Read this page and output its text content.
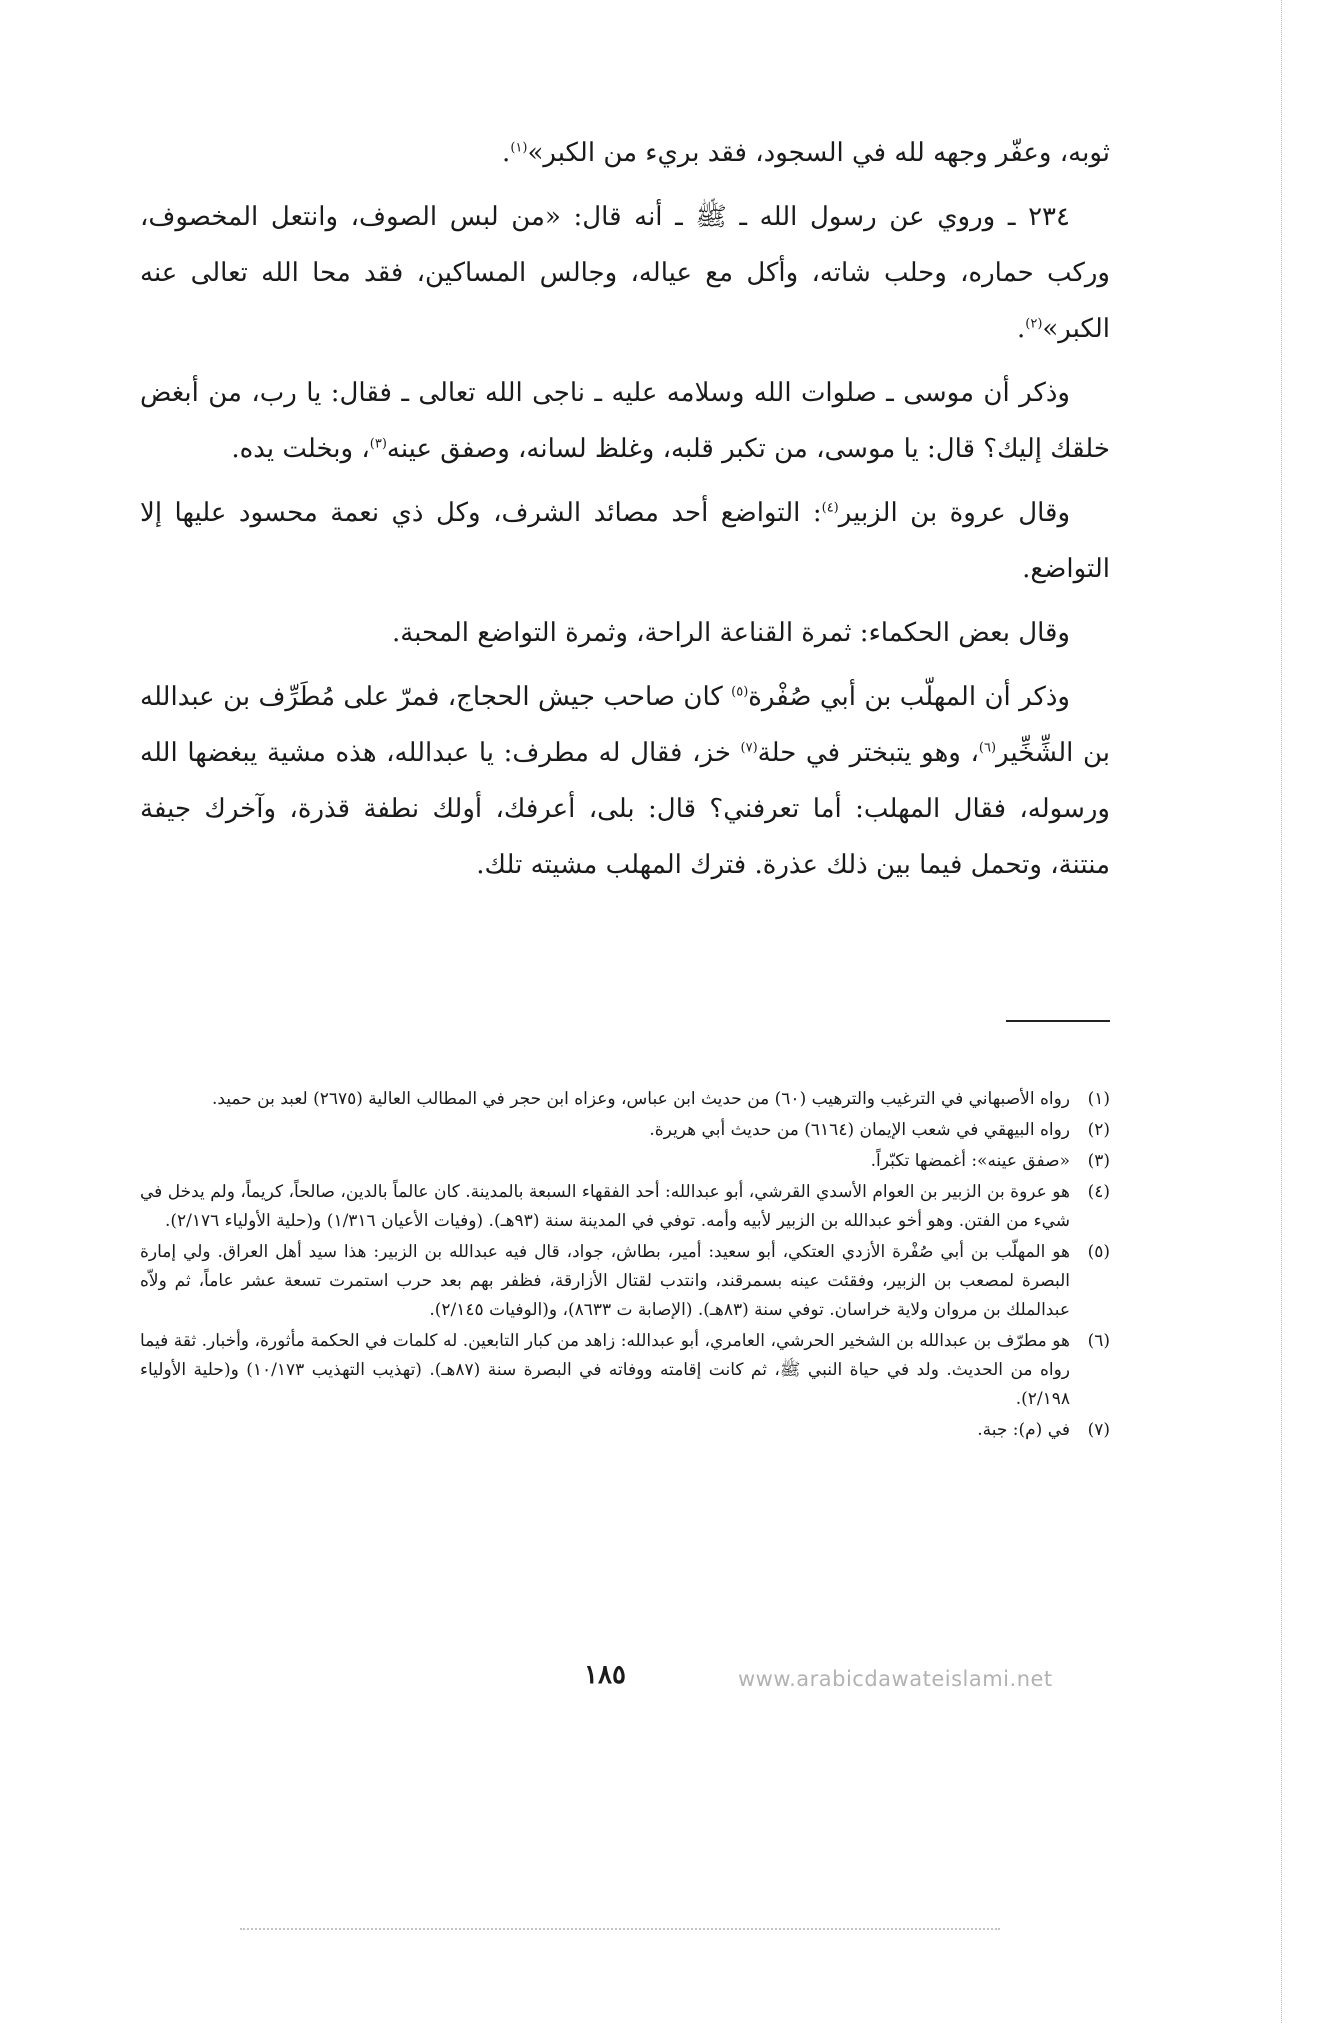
ثوبه، وعفّر وجهه لله في السجود، فقد بريء من الكبر»$^{(١)}$.

٢٣٤ ـ وروي عن رسول الله ـ ﷺ ـ أنه قال: «من لبس الصوف، وانتعل المخصوف، وركب حماره، وحلب شاته، وأكل مع عياله، وجالس المساكين، فقد محا الله تعالى عنه الكبر»$^{(٢)}$.

وذكر أن موسى ـ صلوات الله وسلامه عليه ـ ناجى الله تعالى ـ فقال: يا رب، من أبغض خلقك إليك؟ قال: يا موسى، من تكبر قلبه، وغلظ لسانه، وصفق عينه$^{(٣)}$، وبخلت يده.

وقال عروة بن الزبير$^{(٤)}$: التواضع أحد مصائد الشرف، وكل ذي نعمة محسود عليها إلا التواضع.

وقال بعض الحكماء: ثمرة القناعة الراحة، وثمرة التواضع المحبة.

وذكر أن المهلّب بن أبي صُفْرة$^{(٥)}$ كان صاحب جيش الحجاج، فمرّ على مُطَرِّف بن عبدالله بن الشِّخِّير$^{(٦)}$، وهو يتبختر في حلة$^{(٧)}$ خز، فقال له مطرف: يا عبدالله، هذه مشية يبغضها الله ورسوله، فقال المهلب: أما تعرفني؟ قال: بلى، أعرفك، أولك نطفة قذرة، وآخرك جيفة منتنة، وتحمل فيما بين ذلك عذرة. فترك المهلب مشيته تلك.

(١)
رواه الأصبهاني في الترغيب والترهيب (٦٠) من حديث ابن عباس، وعزاه ابن حجر في المطالب العالية (٢٦٧٥) لعبد بن حميد.
(٢)
رواه البيهقي في شعب الإيمان (٦١٦٤) من حديث أبي هريرة.
(٣)
«صفق عينه»: أغمضها تكبّراً.
(٤)
هو عروة بن الزبير بن العوام الأسدي القرشي، أبو عبدالله: أحد الفقهاء السبعة بالمدينة. كان عالماً بالدين، صالحاً، كريماً، ولم يدخل في شيء من الفتن. وهو أخو عبدالله بن الزبير لأبيه وأمه. توفي في المدينة سنة (٩٣هـ). (وفيات الأعيان ١/٣١٦) و(حلية الأولياء ٢/١٧٦).
(٥)
هو المهلّب بن أبي صُفْرة الأزدي العتكي، أبو سعيد: أمير، بطاش، جواد، قال فيه عبدالله بن الزبير: هذا سيد أهل العراق. ولي إمارة البصرة لمصعب بن الزبير، وفقئت عينه بسمرقند، وانتدب لقتال الأزارقة، فظفر بهم بعد حرب استمرت تسعة عشر عاماً، ثم ولاّه عبدالملك بن مروان ولاية خراسان. توفي سنة (٨٣هـ). (الإصابة ت ٨٦٣٣)، و(الوفيات ٢/١٤٥).
(٦)
هو مطرّف بن عبدالله بن الشخير الحرشي، العامري، أبو عبدالله: زاهد من كبار التابعين. له كلمات في الحكمة مأثورة، وأخبار. ثقة فيما رواه من الحديث. ولد في حياة النبي ﷺ، ثم كانت إقامته ووفاته في البصرة سنة (٨٧هـ). (تهذيب التهذيب ١٠/١٧٣) و(حلية الأولياء ٢/١٩٨).
(٧)
في (م): جبة.
١٨٥	www.arabicdawateislami.net
